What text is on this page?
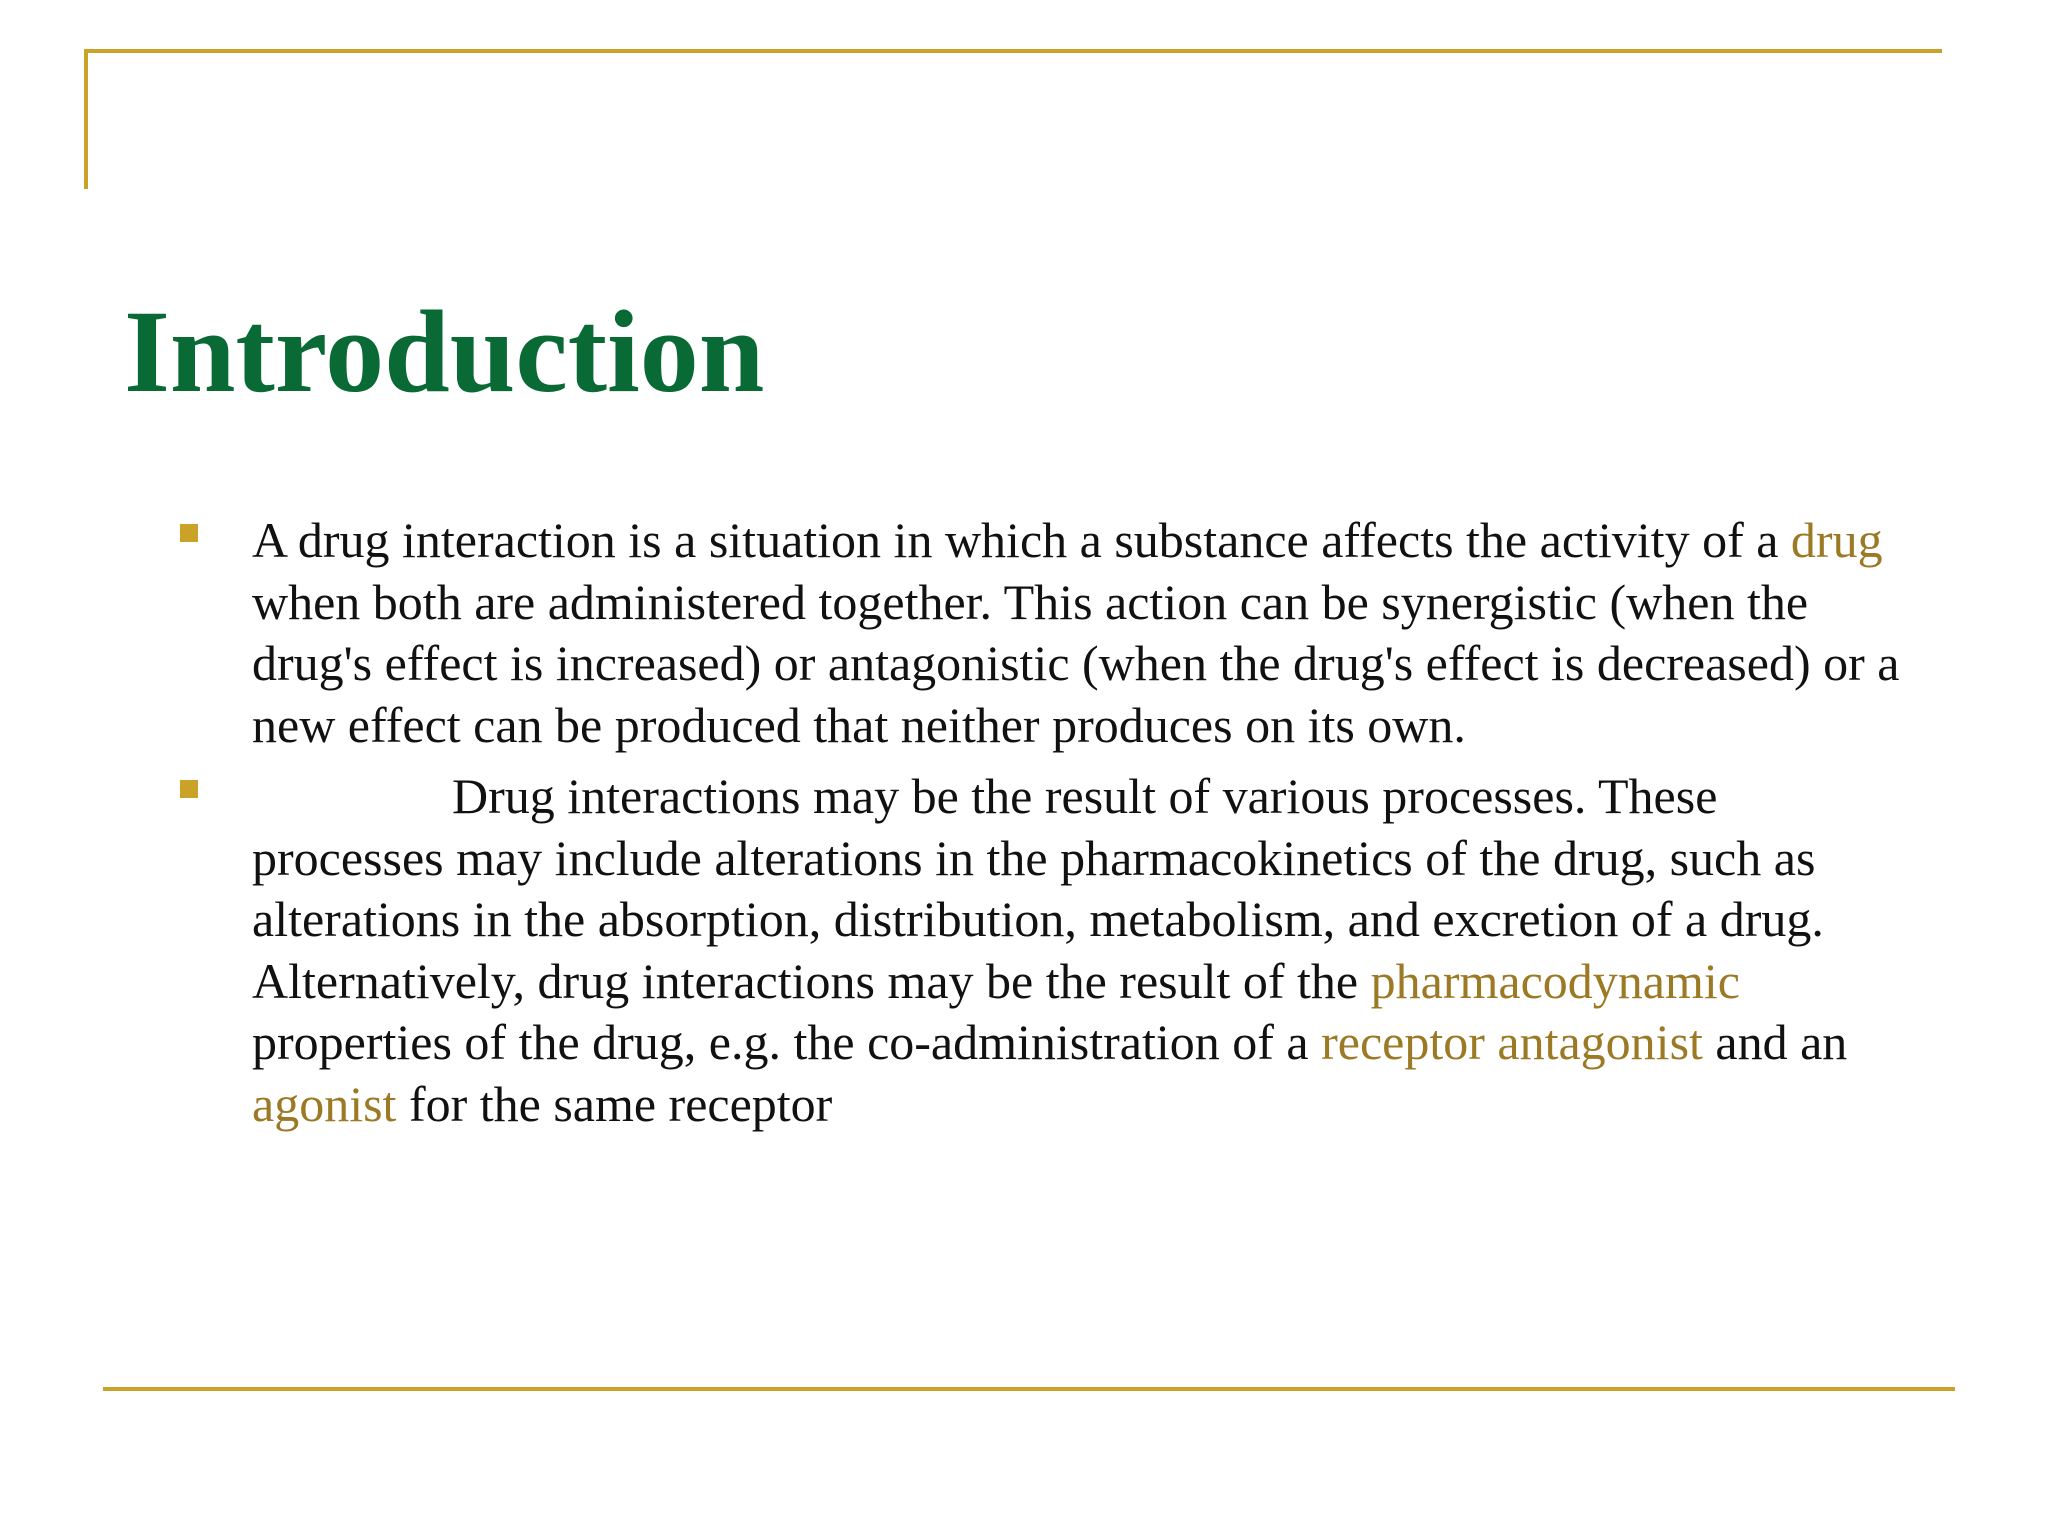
Introduction
A drug interaction is a situation in which a substance affects the activity of a drug when both are administered together. This action can be synergistic (when the drug's effect is increased) or antagonistic (when the drug's effect is decreased) or a new effect can be produced that neither produces on its own.
Drug interactions may be the result of various processes. These processes may include alterations in the pharmacokinetics of the drug, such as alterations in the absorption, distribution, metabolism, and excretion of a drug. Alternatively, drug interactions may be the result of the pharmacodynamic properties of the drug, e.g. the co-administration of a receptor antagonist and an agonist for the same receptor
